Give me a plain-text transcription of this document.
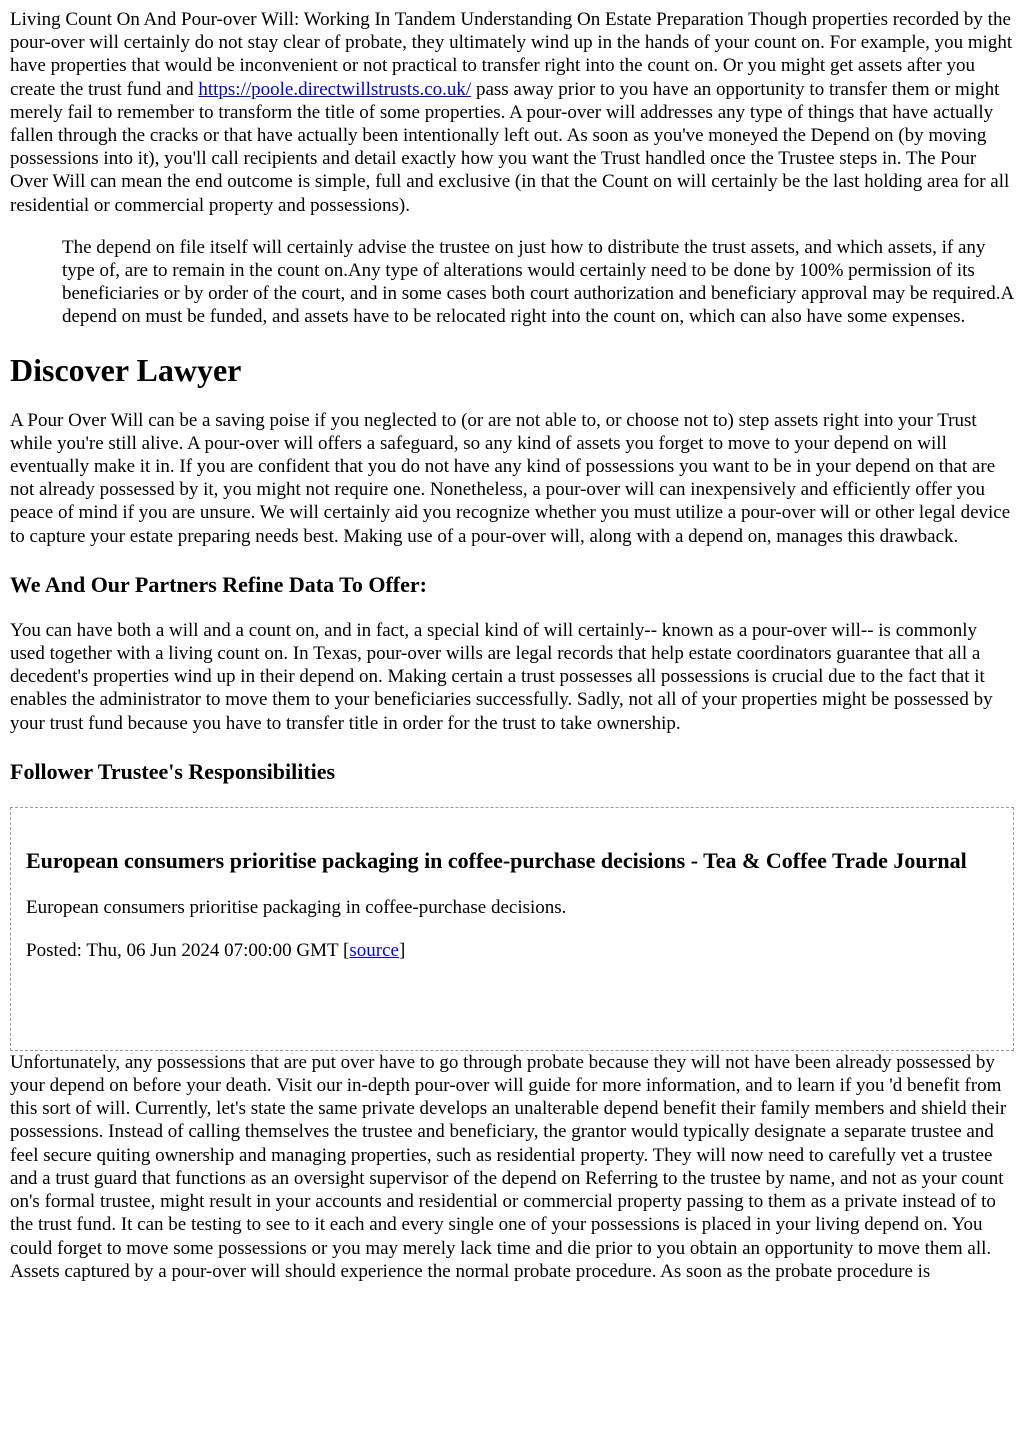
Living Count On And Pour-over Will: Working In Tandem Understanding On Estate Preparation Though properties recorded by the pour-over will certainly do not stay clear of probate, they ultimately wind up in the hands of your count on. For example, you might have properties that would be inconvenient or not practical to transfer right into the count on. Or you might get assets after you create the trust fund and https://poole.directwillstrusts.co.uk/ pass away prior to you have an opportunity to transfer them or might merely fail to remember to transform the title of some properties. A pour-over will addresses any type of things that have actually fallen through the cracks or that have actually been intentionally left out. As soon as you've moneyed the Depend on (by moving possessions into it), you'll call recipients and detail exactly how you want the Trust handled once the Trustee steps in. The Pour Over Will can mean the end outcome is simple, full and exclusive (in that the Count on will certainly be the last holding area for all residential or commercial property and possessions).

The depend on file itself will certainly advise the trustee on just how to distribute the trust assets, and which assets, if any type of, are to remain in the count on.Any type of alterations would certainly need to be done by 100% permission of its beneficiaries or by order of the court, and in some cases both court authorization and beneficiary approval may be required.A depend on must be funded, and assets have to be relocated right into the count on, which can also have some expenses.
Discover Lawyer

A Pour Over Will can be a saving poise if you neglected to (or are not able to, or choose not to) step assets right into your Trust while you're still alive. A pour-over will offers a safeguard, so any kind of assets you forget to move to your depend on will eventually make it in. If you are confident that you do not have any kind of possessions you want to be in your depend on that are not already possessed by it, you might not require one. Nonetheless, a pour-over will can inexpensively and efficiently offer you peace of mind if you are unsure. We will certainly aid you recognize whether you must utilize a pour-over will or other legal device to capture your estate preparing needs best. Making use of a pour-over will, along with a depend on, manages this drawback.

We And Our Partners Refine Data To Offer:

You can have both a will and a count on, and in fact, a special kind of will certainly-- known as a pour-over will-- is commonly used together with a living count on. In Texas, pour-over wills are legal records that help estate coordinators guarantee that all a decedent's properties wind up in their depend on. Making certain a trust possesses all possessions is crucial due to the fact that it enables the administrator to move them to your beneficiaries successfully. Sadly, not all of your properties might be possessed by your trust fund because you have to transfer title in order for the trust to take ownership.

Follower Trustee's Responsibilities
European consumers prioritise packaging in coffee-purchase decisions - Tea & Coffee Trade Journal

European consumers prioritise packaging in coffee-purchase decisions.

Posted: Thu, 06 Jun 2024 07:00:00 GMT [source]

Unfortunately, any possessions that are put over have to go through probate because they will not have been already possessed by your depend on before your death. Visit our in-depth pour-over will guide for more information, and to learn if you 'd benefit from this sort of will. Currently, let's state the same private develops an unalterable depend benefit their family members and shield their possessions. Instead of calling themselves the trustee and beneficiary, the grantor would typically designate a separate trustee and feel secure quiting ownership and managing properties, such as residential property. They will now need to carefully vet a trustee and a trust guard that functions as an oversight supervisor of the depend on Referring to the trustee by name, and not as your count on's formal trustee, might result in your accounts and residential or commercial property passing to them as a private instead of to the trust fund. It can be testing to see to it each and every single one of your possessions is placed in your living depend on. You could forget to move some possessions or you may merely lack time and die prior to you obtain an opportunity to move them all. Assets captured by a pour-over will should experience the normal probate procedure. As soon as the probate procedure is
